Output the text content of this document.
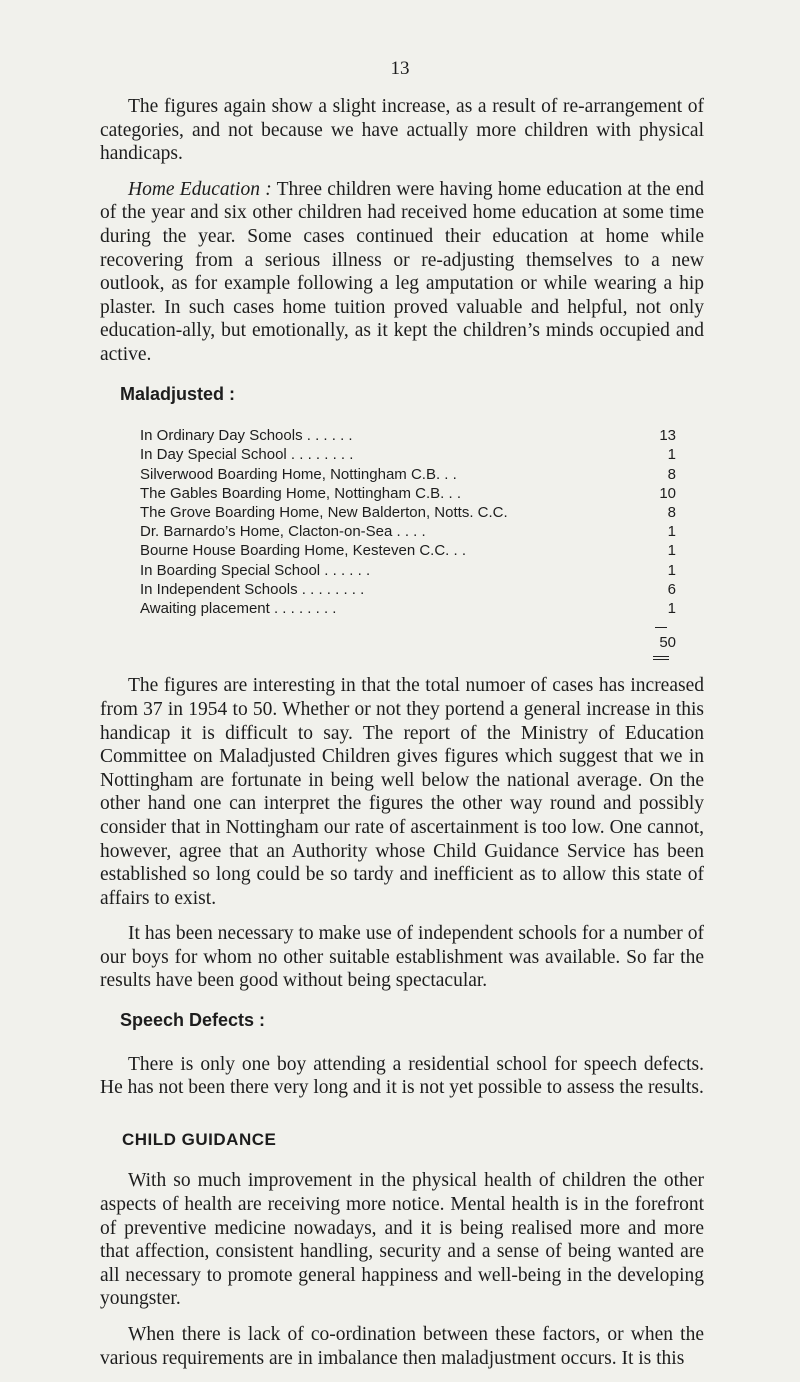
13

The figures again show a slight increase, as a result of re-arrangement of categories, and not because we have actually more children with physical handicaps.

Home Education : Three children were having home education at the end of the year and six other children had received home education at some time during the year. Some cases continued their education at home while recovering from a serious illness or re-adjusting themselves to a new outlook, as for example following a leg amputation or while wearing a hip plaster. In such cases home tuition proved valuable and helpful, not only education-ally, but emotionally, as it kept the children’s minds occupied and active.

Maladjusted :
In Ordinary Day Schools . . . . . .	13
In Day Special School . . . . . . . .	1
Silverwood Boarding Home, Nottingham C.B. . .	8
The Gables Boarding Home, Nottingham C.B. . .	10
The Grove Boarding Home, New Balderton, Notts. C.C.	8
Dr. Barnardo’s Home, Clacton-on-Sea . . . .	1
Bourne House Boarding Home, Kesteven C.C. . .	1
In Boarding Special School . . . . . .	1
In Independent Schools . . . . . . . .	6
Awaiting placement . . . . . . . .	1
50

The figures are interesting in that the total numoer of cases has increased from 37 in 1954 to 50. Whether or not they portend a general increase in this handicap it is difficult to say. The report of the Ministry of Education Committee on Maladjusted Children gives figures which suggest that we in Nottingham are fortunate in being well below the national average. On the other hand one can interpret the figures the other way round and possibly consider that in Nottingham our rate of ascertainment is too low. One cannot, however, agree that an Authority whose Child Guidance Service has been established so long could be so tardy and inefficient as to allow this state of affairs to exist.

It has been necessary to make use of independent schools for a number of our boys for whom no other suitable establishment was available. So far the results have been good without being spectacular.

Speech Defects :

There is only one boy attending a residential school for speech defects. He has not been there very long and it is not yet possible to assess the results.

CHILD GUIDANCE

With so much improvement in the physical health of children the other aspects of health are receiving more notice. Mental health is in the forefront of preventive medicine nowadays, and it is being realised more and more that affection, consistent handling, security and a sense of being wanted are all necessary to promote general happiness and well-being in the developing youngster.

When there is lack of co-ordination between these factors, or when the various requirements are in imbalance then maladjustment occurs. It is this
